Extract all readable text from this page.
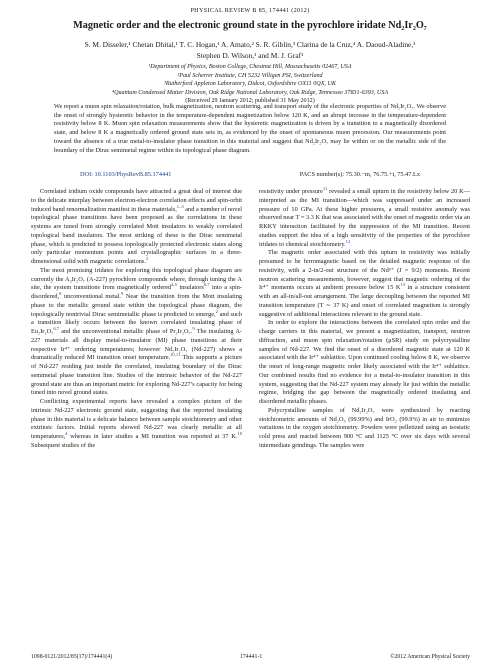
PHYSICAL REVIEW B 85, 174441 (2012)
Magnetic order and the electronic ground state in the pyrochlore iridate Nd₂Ir₂O₇
S. M. Disseler,¹ Chetan Dhital,¹ T. C. Hogan,¹ A. Amato,² S. R. Giblin,³ Clarina de la Cruz,⁴ A. Daoud-Aladine,³
Stephen D. Wilson,¹ and M. J. Graf¹
¹Department of Physics, Boston College, Chestnut Hill, Massachusetts 02467, USA
²Paul Scherrer Institute, CH 5232 Villigen PSI, Switzerland
³Rutherford Appleton Laboratory, Didcot, Oxfordshire OX11 0QX, UK
⁴Quantum Condensed Matter Division, Oak Ridge National Laboratory, Oak Ridge, Tennessee 37831-6393, USA
(Received 29 January 2012; published 31 May 2012)
We report a muon spin relaxation/rotation, bulk magnetization, neutron scattering, and transport study of the electronic properties of Nd₂Ir₂O₇. We observe the onset of strongly hysteretic behavior in the temperature-dependent magnetization below 120 K, and an abrupt increase in the temperature-dependent resistivity below 8 K. Muon spin relaxation measurements show that the hysteretic magnetization is driven by a transition to a magnetically disordered state, and below 8 K a magnetically ordered ground state sets in, as evidenced by the onset of spontaneous muon precession. Our measurements point toward the absence of a true metal-to-insulator phase transition in this material and suggest that Nd₂Ir₂O₇ may lie within or on the metallic side of the boundary of the Dirac semimetal regime within its topological phase diagram.
DOI: 10.1103/PhysRevB.85.174441	PACS number(s): 75.30.−m, 76.75.+i, 75.47.Lx

Correlated iridium oxide compounds have attracted a great deal of interest due to the delicate interplay between electron-electron correlation effects and spin-orbit induced band renormalization manifest in these materials,$^{1-3}$ and a number of novel topological phase transitions have been proposed as the correlations in these systems are tuned from strongly correlated Mott insulators to weakly correlated topological band insulators. The most striking of these is the Dirac semimetal phase, which is predicted to possess topologically protected electronic states along only particular momentum points and crystallographic surfaces in a three-dimensional solid with magnetic correlations.$^2$

The most promising iridates for exploring this topological phase diagram are currently the A₂Ir₂O₇ (A-227) pyrochlore compounds where, through tuning the A site, the system transitions from magnetically ordered$^{4,5}$ insulators$^{6,7}$ into a spin-disordered,$^8$ unconventional metal.$^9$ Near the transition from the Mott insulating phase to the metallic ground state within the topological phase diagram, the topologically nontrivial Dirac semimetallic phase is predicted to emerge,$^2$ and such a transition likely occurs between the known correlated insulating phase of Eu₂Ir₂O₇$^{6,7}$ and the unconventional metallic phase of Pr₂Ir₂O₇.$^9$ The insulating A-227 materials all display metal-to-insulator (MI) phase transitions at their respective Ir⁴⁺ ordering temperatures; however Nd₂Ir₂O₇ (Nd-227) shows a dramatically reduced MI transition onset temperature.$^{10,11}$ This supports a picture of Nd-227 residing just inside the correlated, insulating boundary of the Dirac semimetal phase transition line. Studies of the intrinsic behavior of the Nd-227 ground state are thus an important metric for exploring Nd-227’s capacity for being tuned into novel ground states.

Conflicting experimental reports have revealed a complex picture of the intrinsic Nd-227 electronic ground state, suggesting that the reported insulating phase in this material is a delicate balance between sample stoichiometry and other extrinsic factors. Initial reports showed Nd-227 was clearly metallic at all temperatures,$^4$ whereas in later studies a MI transition was reported at 37 K.$^{10}$ Subsequent studies of the

resistivity under pressure$^{11}$ revealed a small upturn in the resistivity below 20 K—interpreted as the MI transition—which was suppressed under an increased pressure of 10 GPa. At these higher pressures, a small resistive anomaly was observed near T = 3.3 K that was associated with the onset of magnetic order via an RKKY interaction facilitated by the suppression of the MI transition. Recent studies support the idea of a high sensitivity of the properties of the pyrochlore iridates to chemical stoichiometry.$^{12}$

The magnetic order associated with this upturn in resistivity was initially presumed to be ferromagnetic based on the detailed magnetic response of the resistivity, with a 2-in/2-out structure of the Nd³⁺ (J = 9/2) moments. Recent neutron scattering measurements, however, suggest that magnetic ordering of the Ir⁴⁺ moments occurs at ambient pressure below 15 $K^{13}$ in a structure consistent with an all-in/all-out arrangement. The large decoupling between the reported MI transition temperature (T ∼ 37 K) and onset of correlated magnetism is strongly suggestive of additional interactions relevant to the ground state.

In order to explore the interactions between the correlated spin order and the charge carriers in this material, we present a magnetization, transport, neutron diffraction, and muon spin relaxation/rotation (μSR) study on polycrystalline samples of Nd-227. We find the onset of a disordered magnetic state at 120 K associated with the Ir⁴⁺ sublattice. Upon continued cooling below 8 K, we observe the onset of long-range magnetic order likely associated with the Ir⁴⁺ sublattice. Our combined results find no evidence for a metal-to-insulator transition in this system, suggesting that the Nd-227 system may already lie just within the metallic regime, bridging the gap between the magnetically ordered insulating and disordered metallic phases.

Polycrystalline samples of Nd₂Ir₂O₇ were synthesized by reacting stoichiometric amounts of Nd₂O₃ (99.99%) and IrO₂ (99.9%) in air to minimize variations in the oxygen stoichiometry. Powders were pelletized using an isostatic cold press and reacted between 900 °C and 1125 °C over six days with several intermediate grindings. The samples were

1098-0121/2012/85(17)/174441(4)	174441-1	©2012 American Physical Society
